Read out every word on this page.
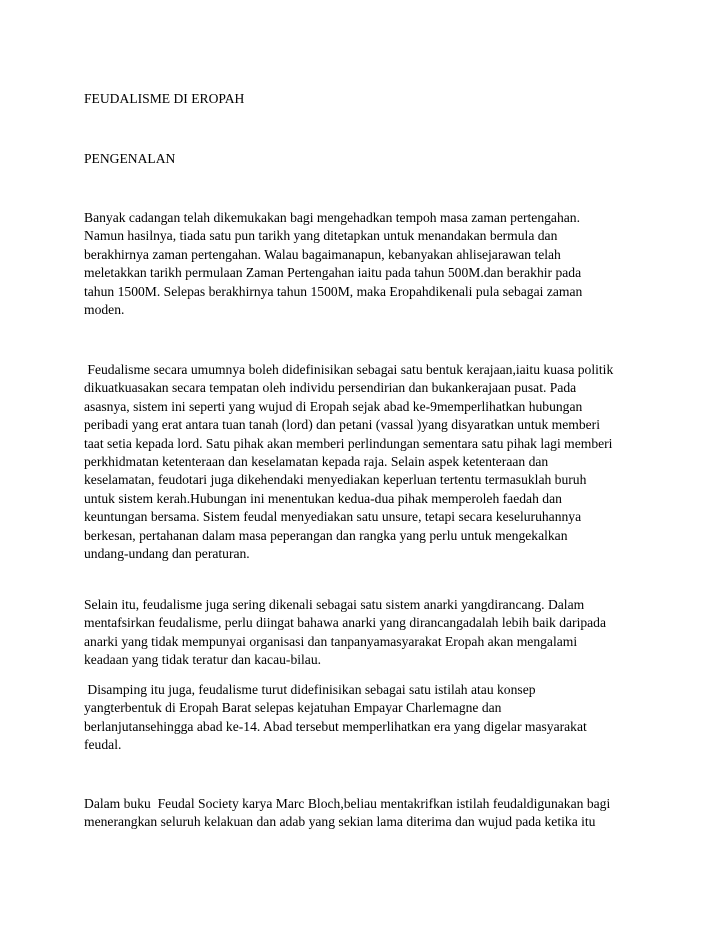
FEUDALISME DI EROPAH
PENGENALAN
Banyak cadangan telah dikemukakan bagi mengehadkan tempoh masa zaman pertengahan.
Namun hasilnya, tiada satu pun tarikh yang ditetapkan untuk menandakan bermula dan
berakhirnya zaman pertengahan. Walau bagaimanapun, kebanyakan ahlisejarawan telah
meletakkan tarikh permulaan Zaman Pertengahan iaitu pada tahun 500M.dan berakhir pada
tahun 1500M. Selepas berakhirnya tahun 1500M, maka Eropahdikenali pula sebagai zaman
moden.
Feudalisme secara umumnya boleh didefinisikan sebagai satu bentuk kerajaan,iaitu kuasa politik
dikuatkuasakan secara tempatan oleh individu persendirian dan bukankerajaan pusat. Pada
asasnya, sistem ini seperti yang wujud di Eropah sejak abad ke-9memperlihatkan hubungan
peribadi yang erat antara tuan tanah (lord) dan petani (vassal )yang disyaratkan untuk memberi
taat setia kepada lord. Satu pihak akan memberi perlindungan sementara satu pihak lagi memberi
perkhidmatan ketenteraan dan keselamatan kepada raja. Selain aspek ketenteraan dan
keselamatan, feudotari juga dikehendaki menyediakan keperluan tertentu termasuklah buruh
untuk sistem kerah.Hubungan ini menentukan kedua-dua pihak memperoleh faedah dan
keuntungan bersama. Sistem feudal menyediakan satu unsure, tetapi secara keseluruhannya
berkesan, pertahanan dalam masa peperangan dan rangka yang perlu untuk mengekalkan
undang-undang dan peraturan.
Selain itu, feudalisme juga sering dikenali sebagai satu sistem anarki yangdirancang. Dalam
mentafsirkan feudalisme, perlu diingat bahawa anarki yang dirancangadalah lebih baik daripada
anarki yang tidak mempunyai organisasi dan tanpanyamasyarakat Eropah akan mengalami
keadaan yang tidak teratur dan kacau-bilau.
Disamping itu juga, feudalisme turut didefinisikan sebagai satu istilah atau konsep
yangterbentuk di Eropah Barat selepas kejatuhan Empayar Charlemagne dan
berlanjutansehingga abad ke-14. Abad tersebut memperlihatkan era yang digelar masyarakat
feudal.
Dalam buku  Feudal Society karya Marc Bloch,beliau mentakrifkan istilah feudaldigunakan bagi
menerangkan seluruh kelakuan dan adab yang sekian lama diterima dan wujud pada ketika itu
